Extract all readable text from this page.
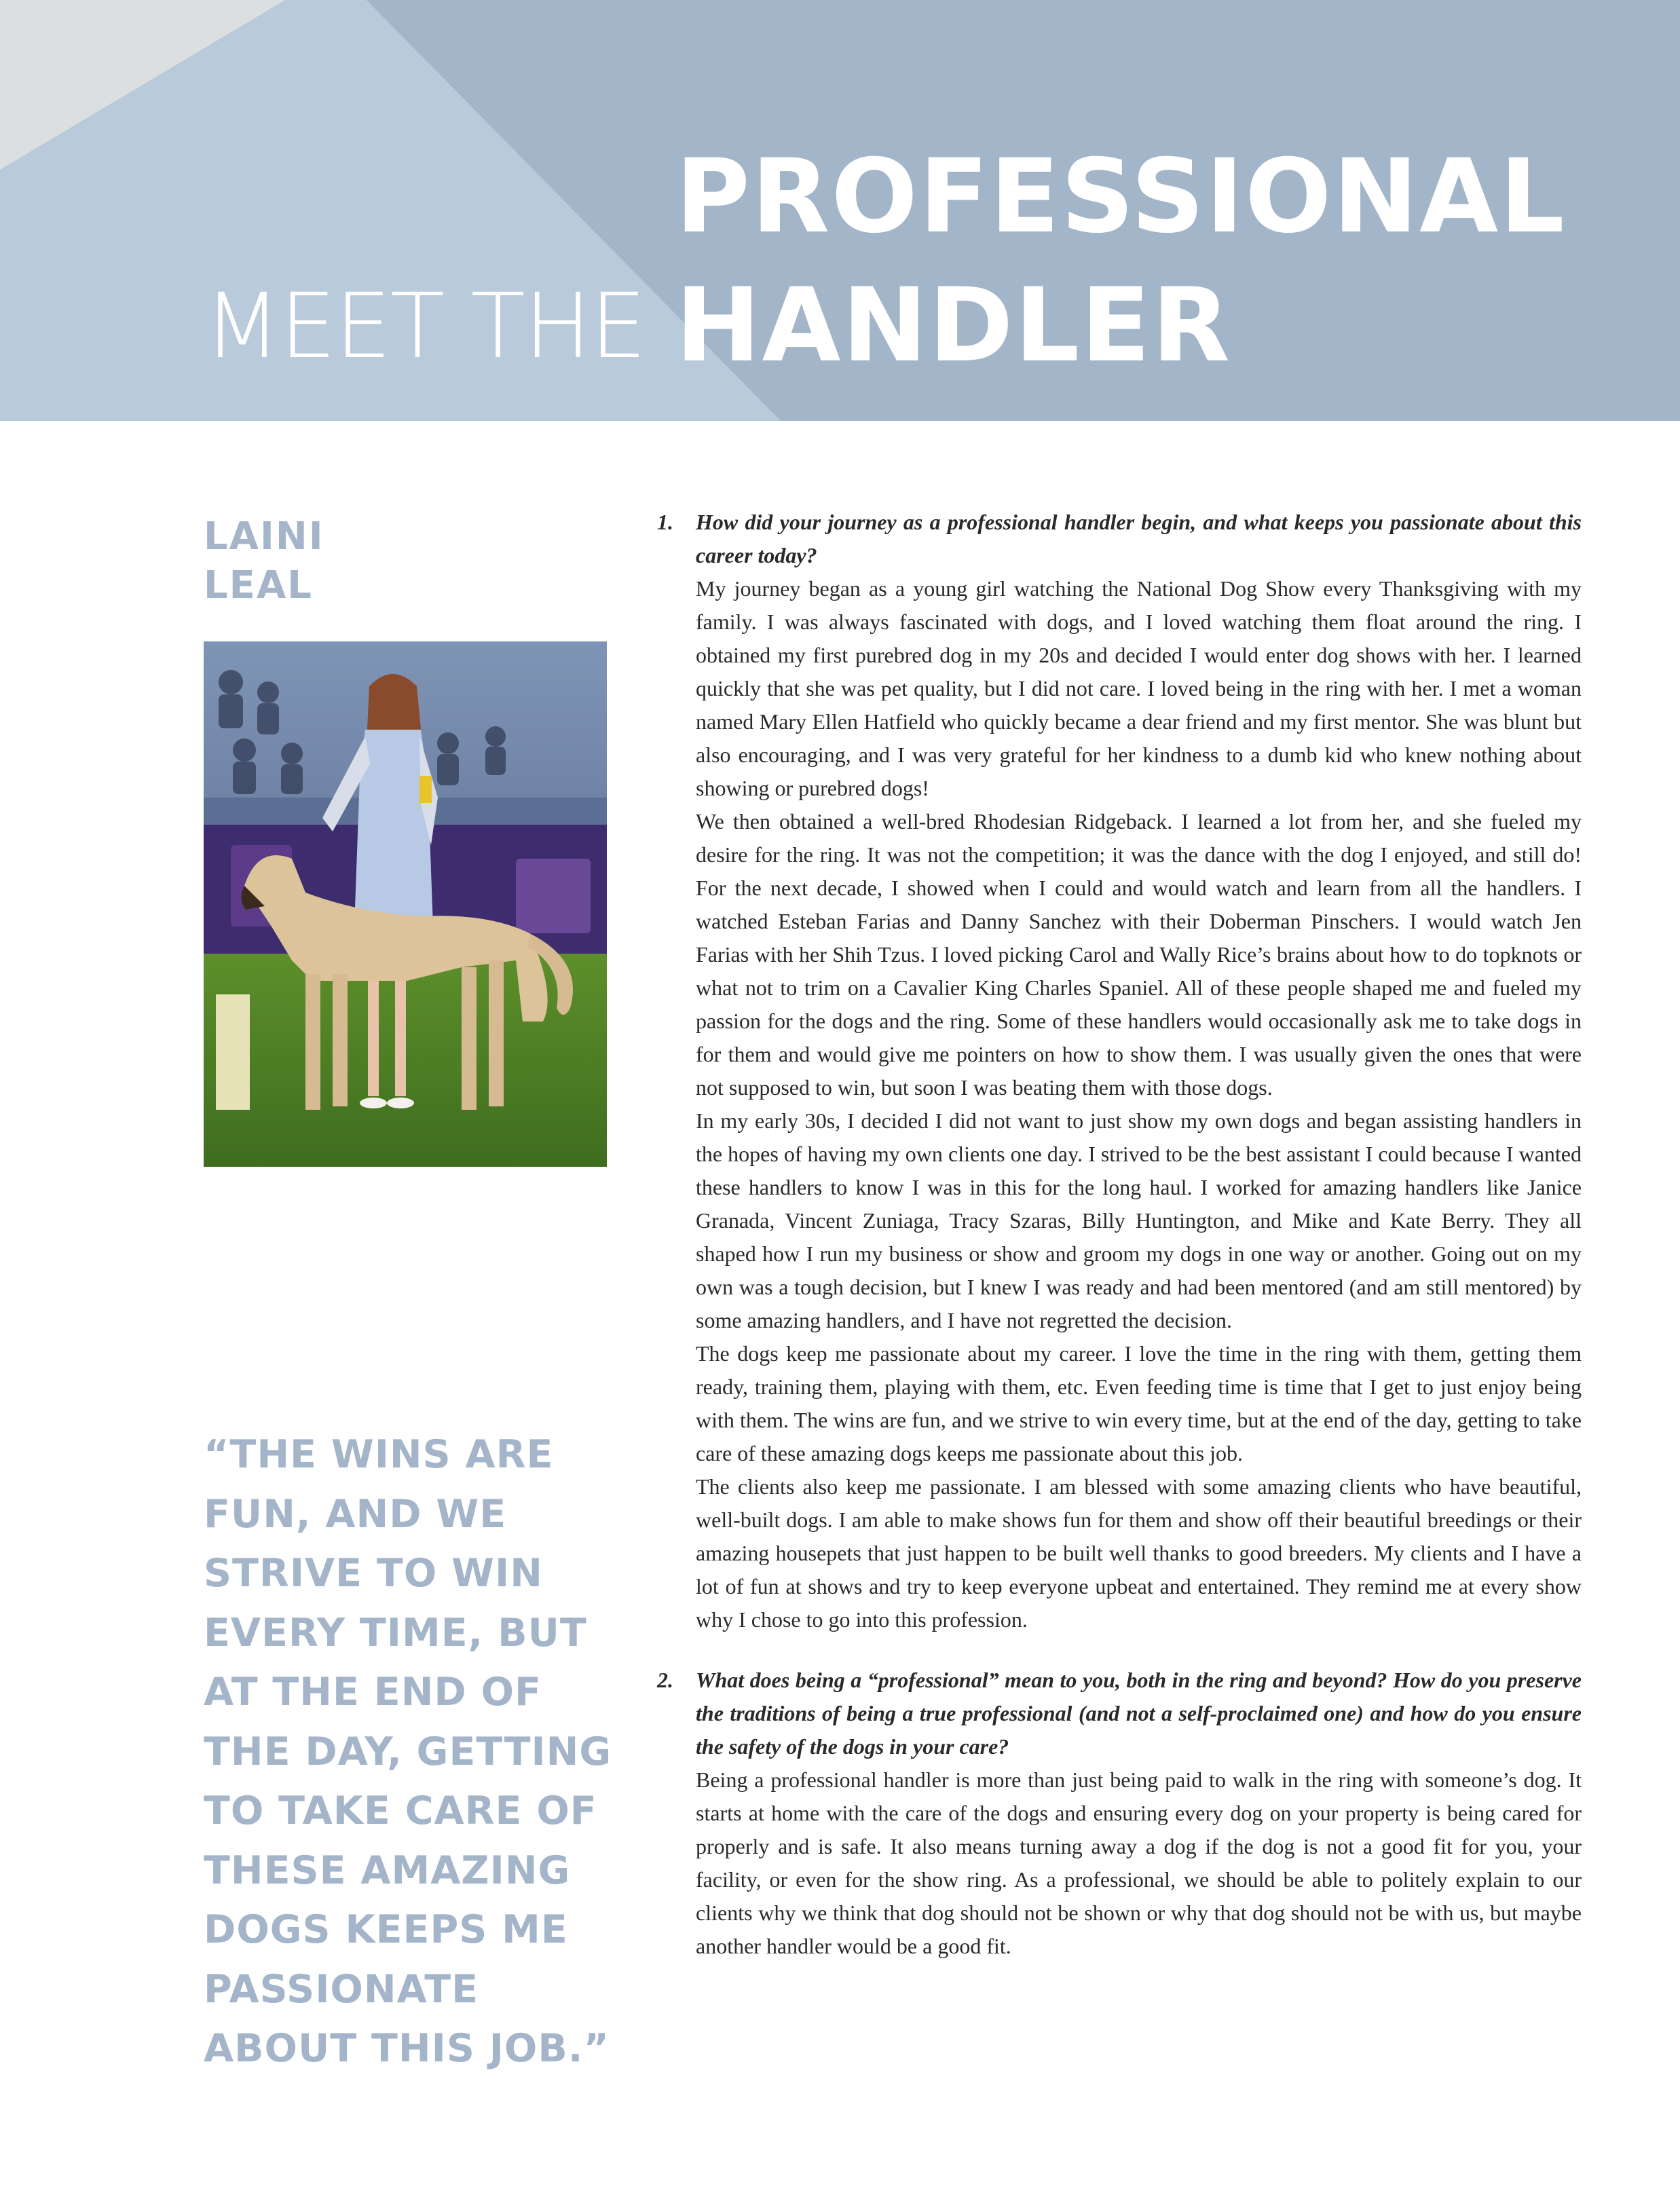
PROFESSIONAL
MEET THE HANDLER
LAINI
LEAL
“THE WINS ARE
FUN, AND WE
STRIVE TO WIN
EVERY TIME, BUT
AT THE END OF
THE DAY, GETTING
TO TAKE CARE OF
THESE AMAZING
DOGS KEEPS ME
PASSIONATE
ABOUT THIS JOB.”
1. How did your journey as a professional handler begin, and what keeps you passionate about this career today?

My journey began as a young girl watching the National Dog Show every Thanksgiving with my family. I was always fascinated with dogs, and I loved watching them float around the ring. I obtained my first purebred dog in my 20s and decided I would enter dog shows with her. I learned quickly that she was pet quality, but I did not care. I loved being in the ring with her. I met a woman named Mary Ellen Hatfield who quickly became a dear friend and my first mentor. She was blunt but also encouraging, and I was very grateful for her kindness to a dumb kid who knew nothing about showing or purebred dogs!

We then obtained a well-bred Rhodesian Ridgeback. I learned a lot from her, and she fueled my desire for the ring. It was not the competition; it was the dance with the dog I enjoyed, and still do! For the next decade, I showed when I could and would watch and learn from all the handlers. I watched Esteban Farias and Danny Sanchez with their Doberman Pinschers. I would watch Jen Farias with her Shih Tzus. I loved picking Carol and Wally Rice’s brains about how to do topknots or what not to trim on a Cavalier King Charles Spaniel. All of these people shaped me and fueled my passion for the dogs and the ring. Some of these handlers would occasionally ask me to take dogs in for them and would give me pointers on how to show them. I was usually given the ones that were not supposed to win, but soon I was beating them with those dogs.

In my early 30s, I decided I did not want to just show my own dogs and began assisting handlers in the hopes of having my own clients one day. I strived to be the best assistant I could because I wanted these handlers to know I was in this for the long haul. I worked for amazing handlers like Janice Granada, Vincent Zuniaga, Tracy Szaras, Billy Huntington, and Mike and Kate Berry. They all shaped how I run my business or show and groom my dogs in one way or another. Going out on my own was a tough decision, but I knew I was ready and had been mentored (and am still mentored) by some amazing handlers, and I have not regretted the decision.

The dogs keep me passionate about my career. I love the time in the ring with them, getting them ready, training them, playing with them, etc. Even feeding time is time that I get to just enjoy being with them. The wins are fun, and we strive to win every time, but at the end of the day, getting to take care of these amazing dogs keeps me passionate about this job.

The clients also keep me passionate. I am blessed with some amazing clients who have beautiful, well-built dogs. I am able to make shows fun for them and show off their beautiful breedings or their amazing housepets that just happen to be built well thanks to good breeders. My clients and I have a lot of fun at shows and try to keep everyone upbeat and entertained. They remind me at every show why I chose to go into this profession.

2. What does being a “professional” mean to you, both in the ring and beyond? How do you preserve the traditions of being a true professional (and not a self-proclaimed one) and how do you ensure the safety of the dogs in your care?

Being a professional handler is more than just being paid to walk in the ring with someone’s dog. It starts at home with the care of the dogs and ensuring every dog on your property is being cared for properly and is safe. It also means turning away a dog if the dog is not a good fit for you, your facility, or even for the show ring. As a professional, we should be able to politely explain to our clients why we think that dog should not be shown or why that dog should not be with us, but maybe another handler would be a good fit.
